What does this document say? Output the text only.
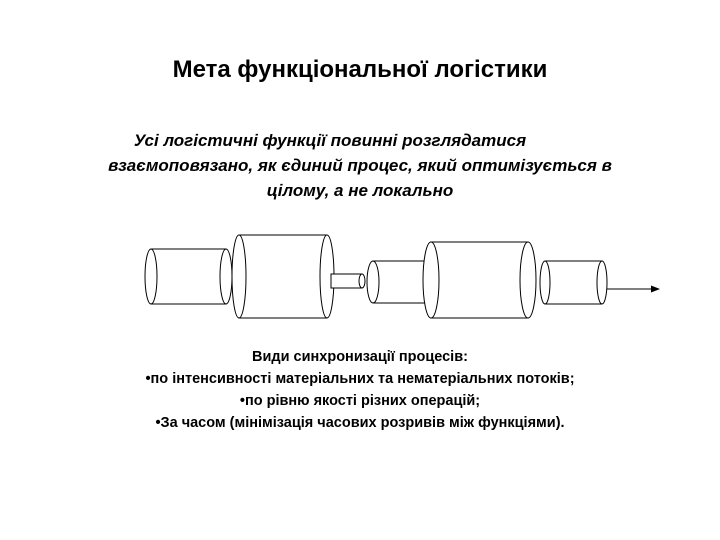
Мета функціональної логістики
Усі логістичні функції повинні розглядатися
взаємоповязано, як єдиний процес, який оптимізується в
цілому, а не локально
Види синхронизації процесів:
•по інтенсивності матеріальних та нематеріальних потоків;
•по рівню якості різних операцій;
•За часом (мінімізація часових розривів між функціями).
